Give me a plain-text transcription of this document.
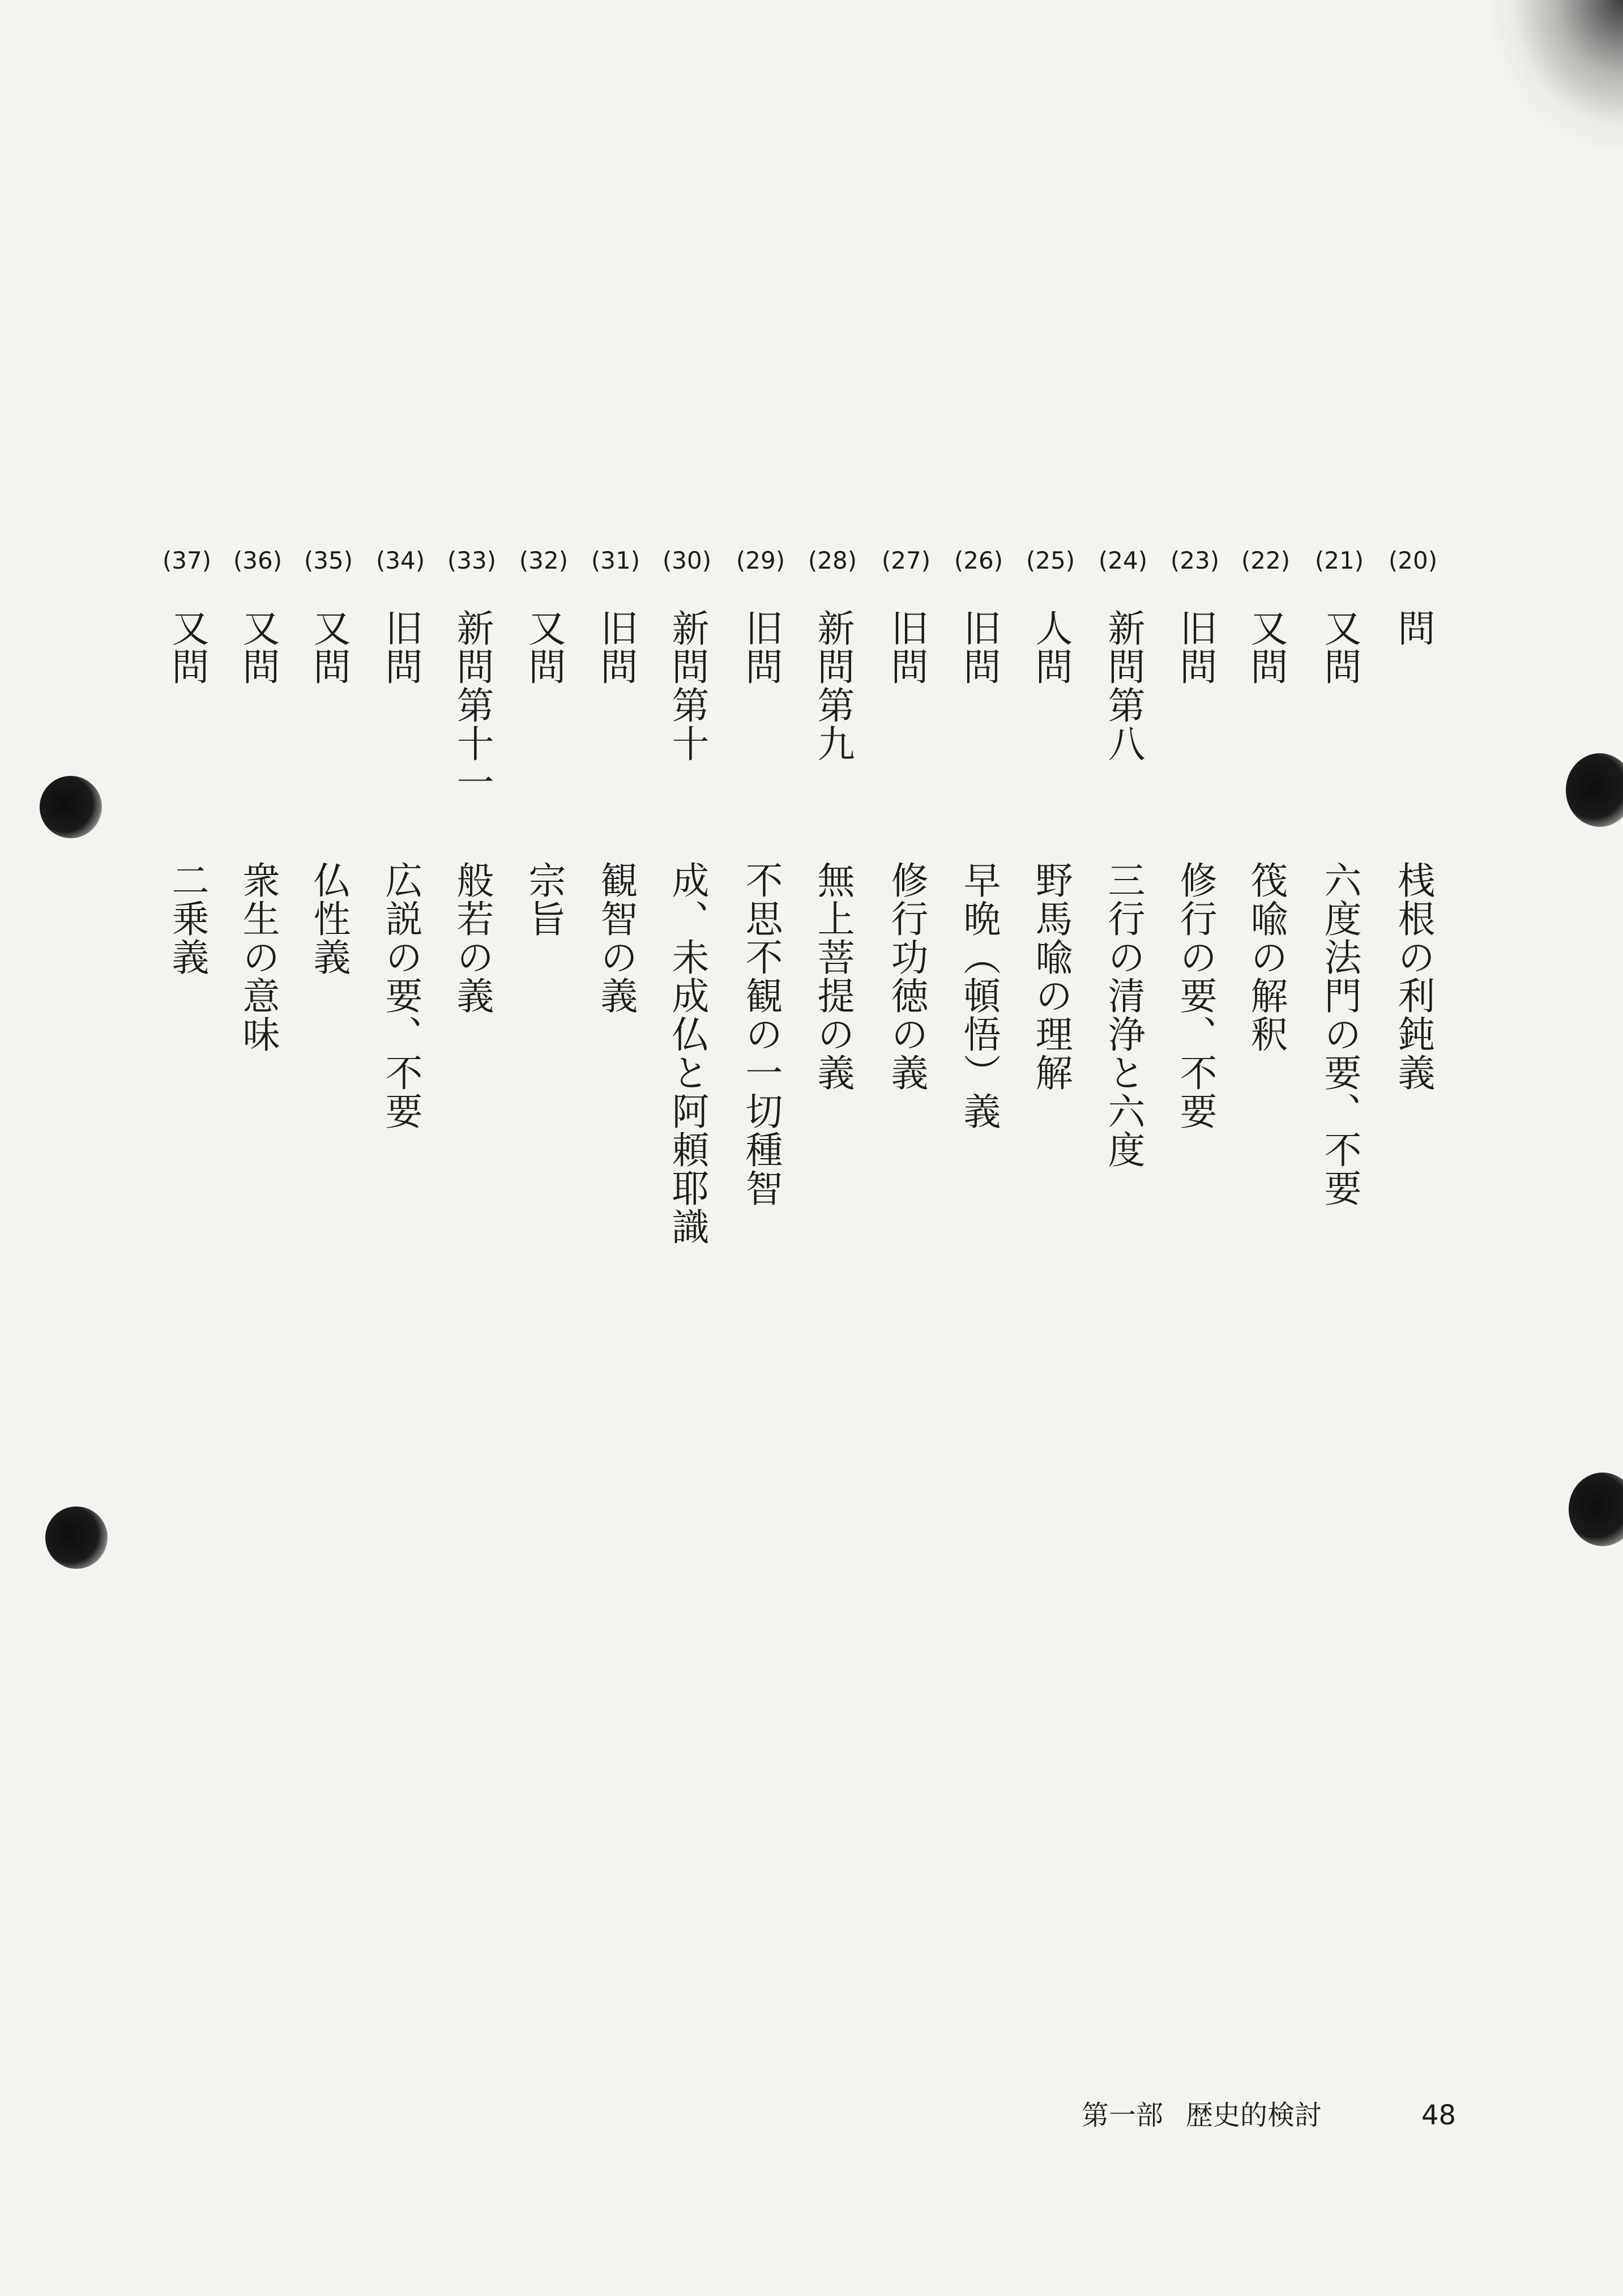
(20)
問
桟根の利鈍義
(21)
又問
六度法門の要、不要
(22)
又問
筏喩の解釈
(23)
旧問
修行の要、不要
(24)
新問第八
三行の清浄と六度
(25)
人問
野馬喩の理解
(26)
旧問
早晩（頓悟）義
(27)
旧問
修行功徳の義
(28)
新問第九
無上菩提の義
(29)
旧問
不思不観の一切種智
(30)
新問第十
成、未成仏と阿頼耶識
(31)
旧問
観智の義
(32)
又問
宗旨
(33)
新問第十一
般若の義
(34)
旧問
広説の要、不要
(35)
又問
仏性義
(36)
又問
衆生の意味
(37)
又問
二乗義
第一部 歴史的検討	48
